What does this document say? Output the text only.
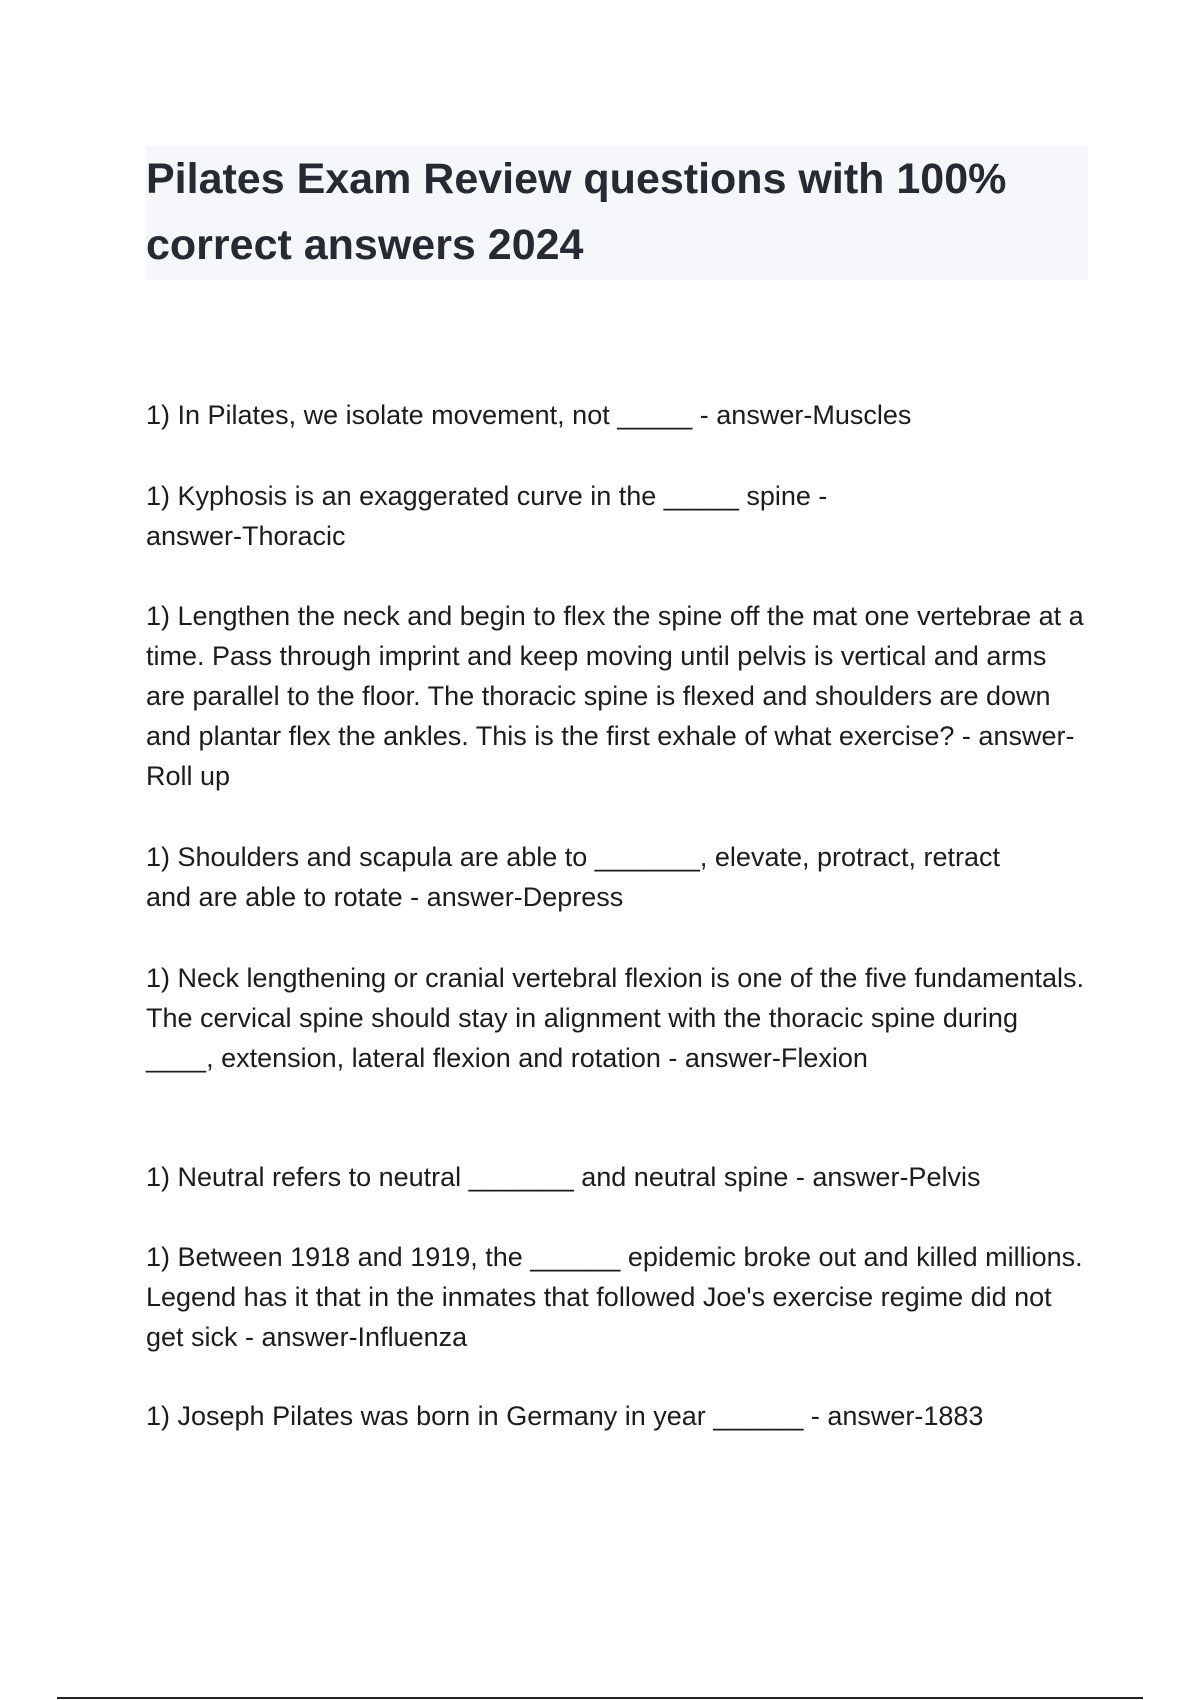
Pilates Exam Review questions with 100% correct answers 2024

1) In Pilates, we isolate movement, not _____ - answer-Muscles

1) Kyphosis is an exaggerated curve in the _____ spine - answer-Thoracic

1) Lengthen the neck and begin to flex the spine off the mat one vertebrae at a time. Pass through imprint and keep moving until pelvis is vertical and arms are parallel to the floor. The thoracic spine is flexed and shoulders are down and plantar flex the ankles. This is the first exhale of what exercise? - answer-Roll up

1) Shoulders and scapula are able to _______, elevate, protract, retract and are able to rotate - answer-Depress

1) Neck lengthening or cranial vertebral flexion is one of the five fundamentals. The cervical spine should stay in alignment with the thoracic spine during ____, extension, lateral flexion and rotation - answer-Flexion

1) Neutral refers to neutral _______ and neutral spine - answer-Pelvis

1) Between 1918 and 1919, the ______ epidemic broke out and killed millions. Legend has it that in the inmates that followed Joe's exercise regime did not get sick - answer-Influenza

1) Joseph Pilates was born in Germany in year ______ - answer-1883
